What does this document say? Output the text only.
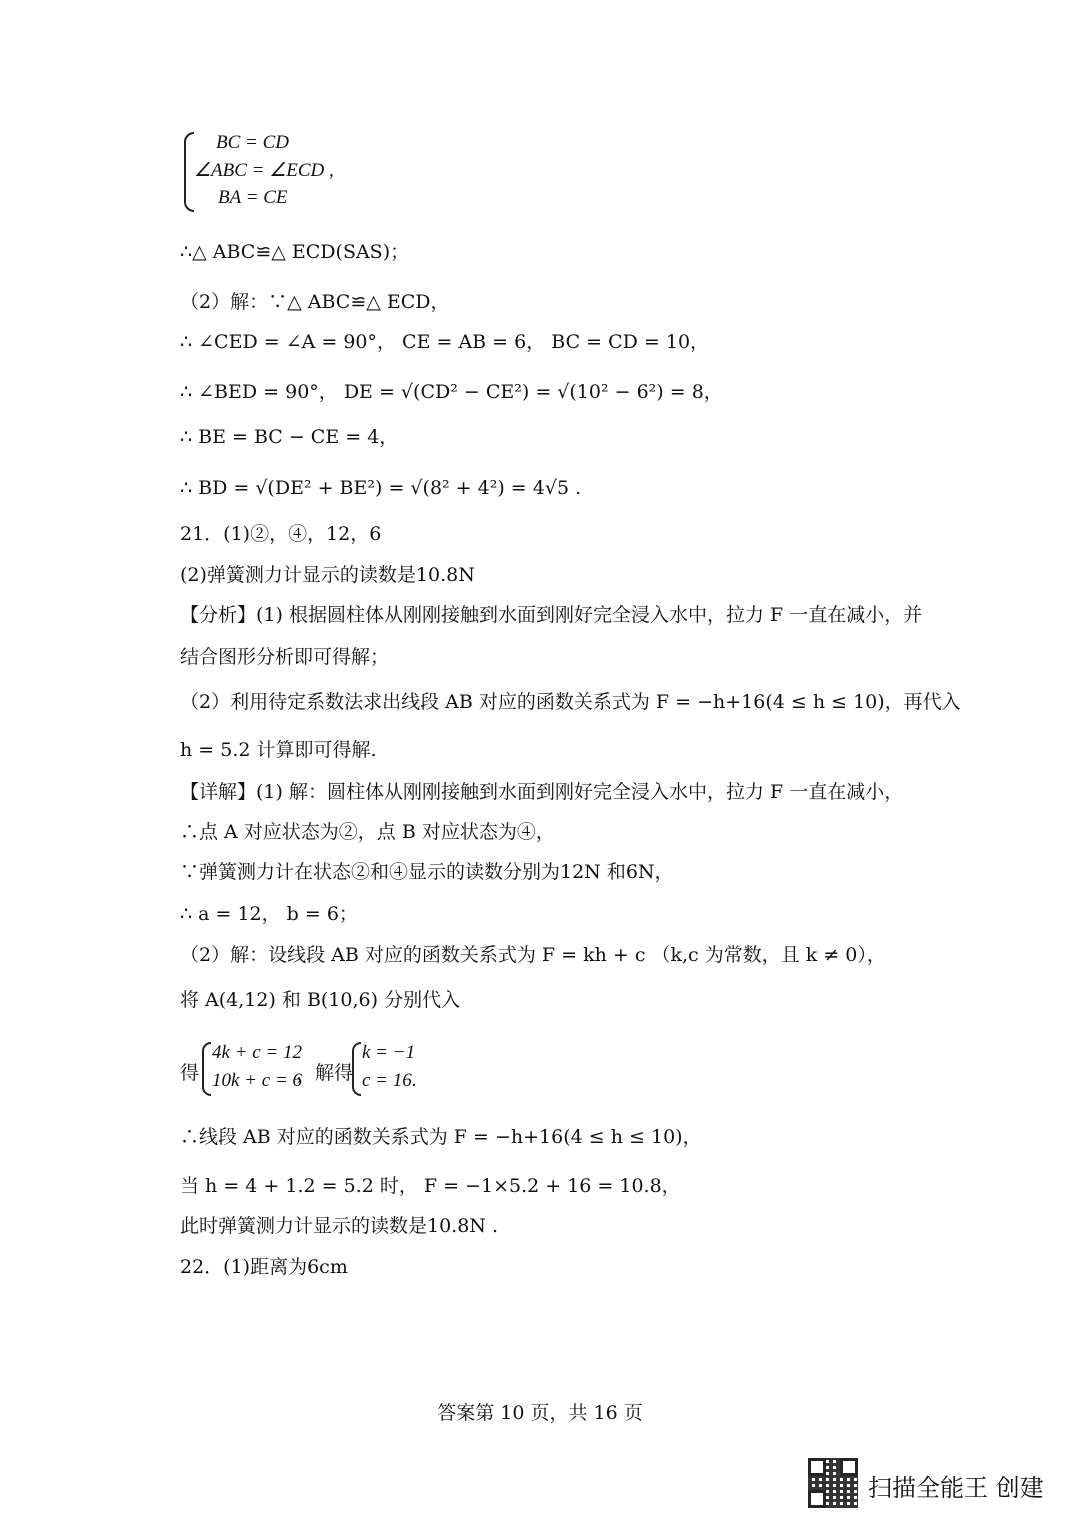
BC = CD
∠ABC = ∠ECD ,
BA = CE
∴△ ABC≌△ ECD(SAS)；
（2）解：∵△ ABC≌△ ECD，
∴ ∠CED = ∠A = 90°， CE = AB = 6， BC = CD = 10，
∴ ∠BED = 90°， DE = √(CD² − CE²) = √(10² − 6²) = 8，
∴ BE = BC − CE = 4，
∴ BD = √(DE² + BE²) = √(8² + 4²) = 4√5 .
21．(1)②，④，12，6
(2)弹簧测力计显示的读数是10.8N
【分析】(1) 根据圆柱体从刚刚接触到水面到刚好完全浸入水中，拉力 F 一直在减小，并
结合图形分析即可得解；
（2）利用待定系数法求出线段 AB 对应的函数关系式为 F = −h+16(4 ≤ h ≤ 10)，再代入
h = 5.2 计算即可得解.
【详解】(1) 解：圆柱体从刚刚接触到水面到刚好完全浸入水中，拉力 F 一直在减小，
∴点 A 对应状态为②，点 B 对应状态为④，
∵弹簧测力计在状态②和④显示的读数分别为12N 和6N，
∴ a = 12， b = 6；
（2）解：设线段 AB 对应的函数关系式为 F = kh + c （k,c 为常数，且 k ≠ 0），
将 A(4,12) 和 B(10,6) 分别代入
得
4k + c = 12
10k + c = 6
，解得
k = −1
c = 16 .
∴线段 AB 对应的函数关系式为 F = −h+16(4 ≤ h ≤ 10)，
当 h = 4 + 1.2 = 5.2 时， F = −1×5.2 + 16 = 10.8，
此时弹簧测力计显示的读数是10.8N .
22．(1)距离为6cm
答案第 10 页，共 16 页
扫描全能王 创建
